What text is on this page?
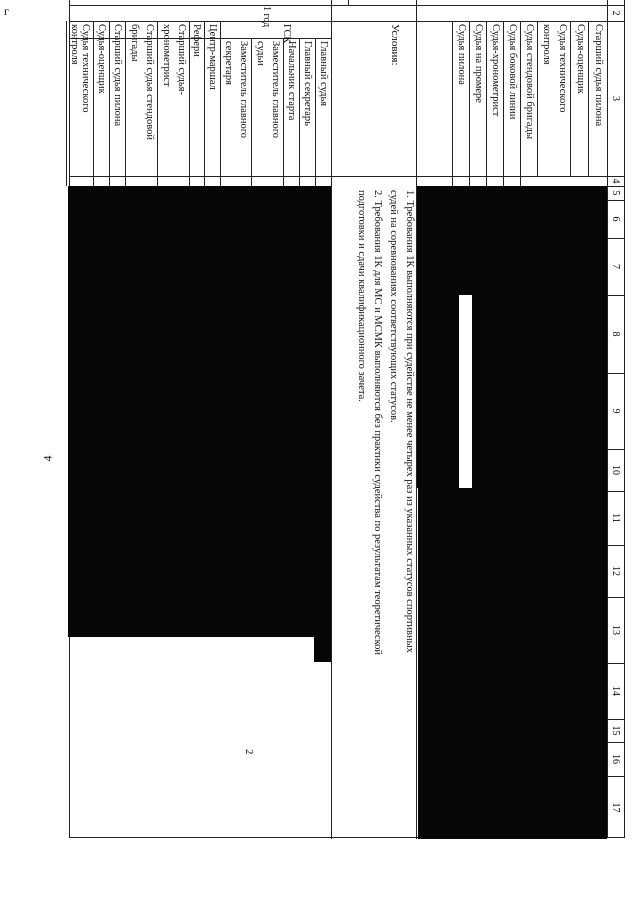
г
4
2
3
4
5
6
7
8
9
10
11
12
13
14
15
16
17
Старший судья пилона
Судья-оценщик
Судья технического
контроля
Судья стендовой бригады
Судья боковой линии
Судья-хронометрист
Судья на промере
Судья пилона
Условия:
1. Требования 1К выполняются при судействе не менее четырех раз из указанных статусов спортивных
судей на соревнованиях соответствующих статусов.
2. Требования 1К для МС и МСМК выполняются без практики судейства по результатам теоретической
подготовки и сдачи квалификационного зачета.
Главный судья
Главный секретарь
Начальник старта
Заместитель главного
судьи
Заместитель главного
секретаря
Центр-маршал
Рефери
Старший судья-
хронометрист
Старший судья стендовой
бригады
Старший судья пилона
Судья-оценщик
Судья технического
контроля
1 год
ГСК
2
